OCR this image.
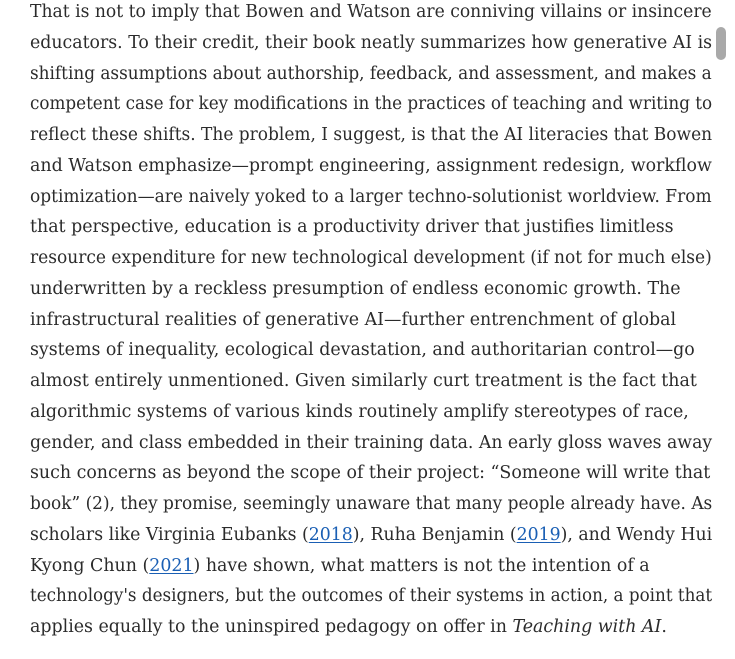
That is not to imply that Bowen and Watson are conniving villains or insincere
educators. To their credit, their book neatly summarizes how generative AI is
shifting assumptions about authorship, feedback, and assessment, and makes a
competent case for key modifications in the practices of teaching and writing to
reflect these shifts. The problem, I suggest, is that the AI literacies that Bowen
and Watson emphasize—prompt engineering, assignment redesign, workflow
optimization—are naively yoked to a larger techno-solutionist worldview. From
that perspective, education is a productivity driver that justifies limitless
resource expenditure for new technological development (if not for much else)
underwritten by a reckless presumption of endless economic growth. The
infrastructural realities of generative AI—further entrenchment of global
systems of inequality, ecological devastation, and authoritarian control—go
almost entirely unmentioned. Given similarly curt treatment is the fact that
algorithmic systems of various kinds routinely amplify stereotypes of race,
gender, and class embedded in their training data. An early gloss waves away
such concerns as beyond the scope of their project: “Someone will write that
book” (2), they promise, seemingly unaware that many people already have. As
scholars like Virginia Eubanks (2018), Ruha Benjamin (2019), and Wendy Hui
Kyong Chun (2021) have shown, what matters is not the intention of a
technology's designers, but the outcomes of their systems in action, a point that
applies equally to the uninspired pedagogy on offer in Teaching with AI.
